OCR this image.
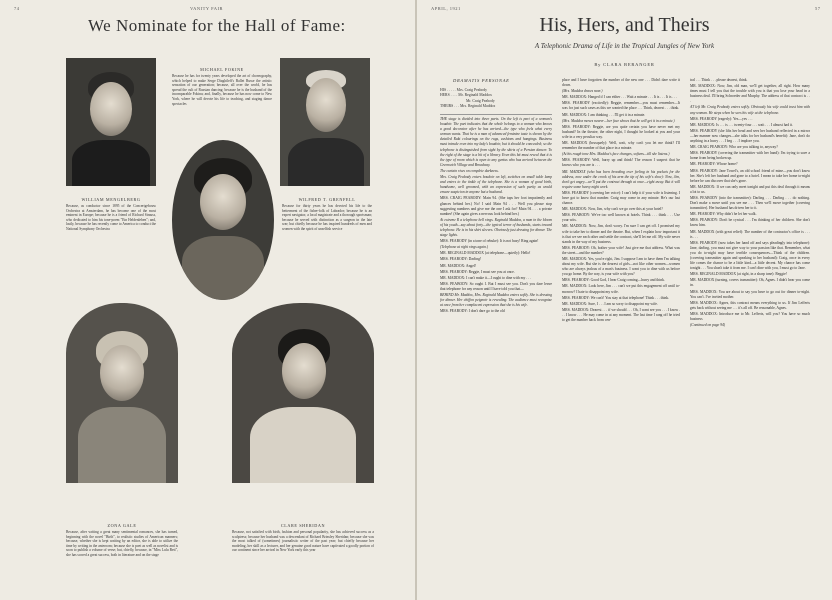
74	VANITY FAIR
We Nominate for the Hall of Fame:
MICHAEL FOKINE
Because he has for twenty years developed the art of choreography, which helped to make Serge Diaghileff's Ballet Russe the artistic sensation of our generation; because, all over the world, he has spread the cult of Russian dancing; because he is the husband of the incomparable Fokina; and, finally, because he has now come to New York, where he will devote his life to teaching, and staging dance spectacles
WILLIAM MENGELBERG
Because, as conductor since 1895 of the Concertgebouw Orchestra at Amsterdam, he has become one of the most eminent in Europe; because he is a friend of Richard Strauss, who dedicated to him his tone-poem "Ein Heldenleben"; and, lastly, because he has recently come to America to conduct the National Symphony Orchestra
WILFRED T. GRENFELL
Because for thirty years he has devoted his life to the betterment of the fisher-folk of Labrador; because he is an expert navigator, a local magistrate and a thorough sportsman; because he served with distinction as a surgeon in the late war; but chiefly because he has inspired hundreds of men and women with the spirit of unselfish service
ZONA GALE
Because, after writing a great many sentimental romances, she has turned, beginning with the novel "Birth", to realistic studies of American manners; because, whether she is kept waiting by an editor, she is able to utilize the time by writing in the anteroom; because she is poet as well as novelist and is soon to publish a volume of verse; but, chiefly, because, in "Miss Lulu Bett", she has scored a great success, both in literature and on the stage
CLARE SHERIDAN
Because, not satisfied with birth, fashion and personal popularity, she has achieved success as a sculptress; because her husband was a descendant of Richard Brinsley Sheridan; because she was the most talked of (sometimes) journalistic writer of the past year; but chiefly because her modeling, her skill as a lecturer, and her genuine good nature have captivated a goodly portion of our continent since her arrival in New York early this year
APRIL, 1921	57
His, Hers, and Theirs
A Telephonic Drama of Life in the Tropical Jungles of New York
By CLARA BERANGER
DRAMATIS PERSONAE
HIS . . . . . Mrs. Craig Peabody
HERS . . . . Mr. Reginald Maddox
Mr. Craig Peabody
THEIRS . . . Mrs. Reginald Maddox

THE stage is divided into three parts. On the left is part of a woman's boudoir. The part indicates that the whole belongs to a woman who knows a good decorator after he has arrived—the type who feels what every woman wants. That he is a man of advanced feminine taste is shown by the detailed Rakt colourings on the rugs, cushions and hangings. Business must intrude even into my lady's boudoir, but it should be concealed; so the telephone is distinguished from sight by the skirts of a Persian dancer. To the right of the stage is a bit of a library. Even this bit must reveal that it is the type of room which is open to any genius who has arrived between the Greenwich Village and Broadway.

The curtain rises on complete darkness.

Mrs. Craig Peabody enters boudoir on left, switches on small table lamp and enters to the tinkle of the telephone. She is a woman of good birth, handsome, well groomed, with an expression of such purity as would ensure suspicion in anyone but a husband.

MRS. CRAIG PEABODY: Main 94. (She taps her foot impatiently and glances behind her.) No! I said Main 94 . . . Well you please stop suggesting numbers and give me the one I ask for? Main 94 . . . a private number! (She again gives a nervous look behind her.)

At extreme R a telephone bell rings. Reginald Maddox, a man in the bloom of his youth—say about forty—the typical terror of husbands, starts toward telephone. He is in his shirt sleeves. Obviously just dressing for dinner. The stage lights.

MRS. PEABODY (in a tone of rebuke): It is not busy! Ring again!

(Telephone at right rings again.)

MR. REGINALD MADDOX (at telephone—quietly): Hello!

MRS. PEABODY: Darling!

MR. MADDOX: Angel!

MRS. PEABODY: Reggie, I must see you at once.

MR. MADDOX: I can't make it—I ought to dine with my . . .

MRS. PEABODY: So ought I. But I must see you. Don't you dare leave that telephone for any reason until I have told you that—

BEHIND Mr. Maddox, Mrs. Reginald Maddox enters softly. She is dressing for dinner. Her chiffon peignoir is revealing. The audience must recognize at once from her complacent expression that she is his wife.

MRS. PEABODY: I don't dare go to the old

place and I have forgotten the number of the new one . . . Didn't dare write it down.

(Mrs. Maddox draws near.)

MR. MADDOX: Hanged if I can either . . . Wait a minute . . . It is . . . It is . . .

MRS. PEABODY (excitedly): Reggie, remember—you must remember—It was for just such cases as this we wanted the place . . . Think, dearest . . . think.

MR. MADDOX: I am thinking . . . I'll get it in a minute.

(Mrs. Maddox moves nearer—her face shows that he will get it in a minute.)

MRS. PEABODY: Reggie, are you quite certain you have never met my husband? In the theatre, the other night, I thought he looked at you and your wife in a very peculiar way.

MR. MADDOX (brusquely): Well, wait, why can't you let me think? I'll remember the number of that place in a minute.

(At his rough tone Mrs. Maddox's face changes, softens—till she listens.)

MRS. PEABODY: Well, hurry up and think! The reason I suspect that he knows who you are is . . .

MR. MADDOX (who has been brooding over feeling in his pockets for the address, now under the crook of his arm the tip of his wife's shoe): Now, Jim, don't get angry—we'll put the contract through at once—right away. But it will require some heavy night work.

MRS. PEABODY (covering her voice): I can't help it if your wife is listening. I have got to know that number. Craig may come in any minute. He's our last chance.

MR. MADDOX: Now, Jim, why can't we go over this at your hotel?

MRS. PEABODY: We've too well known at hotels. Think . . . think . . . Use your wits.

MR. MADDOX: Now, Jim, don't worry. I'm sure I can get off. I promised my wife to take her to dinner and the theatre. But, when I explain how important it is that we see each other and settle the contract, she'll let me off. My wife never stands in the way of my business.

MRS. PEABODY: Oh, bother your wife! Just give me that address. What was the street—and the number?

MR. MADDOX: Yes, you're right, Jim. I suppose I am to have them I'm talking about my wife. But she is the dearest of girls—not like other women—women who are always jealous of a man's business. I want you to dine with us before you go home. By the way, is your wife with you?

MRS. PEABODY: Good God, I hear Craig coming—hurry and think.

MR. MADDOX: Look here, Jim . . . can't we put this engagement off until to-morrow? I hate to disappoint my wife.

MRS. PEABODY: We can't! You stay at that telephone! Think . . . think.

MR. MADDOX: Sure, I . . . I am so sorry to disappoint my wife.

MRS. MADDOX: Dearest . . . if we should . . . Oh, I want see you . . . I know . . . I know . . . He may come in at any moment. The last time I rang off he tried to get the number back from cen-

tral . . . Think . . . please dearest, think.

MR. MADDOX: Now, Jim, old man, we'll get together, all right. How many times must I tell you that the trouble with you is that you lose your head in a business deal. I'll bring Schroeder and Murphy. The address of that contract is . . .

AT left Mr. Craig Peabody enters softly. Obviously his wife could trust him with any woman. He steps when he sees his wife at the telephone.

MRS. PEABODY (eagerly): Yes—yes . . .

MR. MADDOX: Is . . . is . . . twenty-four . . . wait . . . I almost had it.

MRS. PEABODY (she lifts her head and sees her husband reflected in a mirror—her manner now changes—she talks for her husband's benefit): Jane, don't do anything in a hurry . . . I beg . . . I implore you.

MR. CRAIG PEABODY: Who are you talking to, anyway?

MRS. PEABODY (covering the transmitter with her hand): I'm trying to save a home from being broken up.

MR. PEABODY: Whose home?

MRS. PEABODY: Jane Towel's, an old school friend of mine—you don't know her. She's left her husband and gone to a hotel. I mean to take her home to-night before he can discover that she's gone.

MR. MADDOX: If we can only meet tonight and put this deal through it means a lot to us.

MRS. PEABODY (into the transmitter): Darling . . . Darling . . . do nothing. Don't make a move until you see me . . . Then we'll move together (covering transmitter). Her husband has driven her to it.

MR. PEABODY: Why didn't he let her walk.

MRS. PEABODY: Don't be cynical . . . I'm thinking of her children. She don't know him.

MR. MADDOX (with great relief): The number of the contractor's office is . . . is . . .

MRS. PEABODY (now takes her hand off and says pleadingly into telephone): Jane, darling, you must not give way to your passion like that. Remember, what you do to-night may have terrible consequences—Think of the children. (covering transmitter again and speaking to her husband): Craig, once in every life comes the chance to be a little kind—a little decent. My chance has come tonight . . . You shan't take it from me. I can't dine with you, I must go to Jane.

MRS. REGINALD MADDOX (at right, in a sharp tone): Reggie!

MR. MADDOX (turning, covers transmitter): Oh, Agnes. I didn't hear you come in.

MRS. MADDOX: You are about to say you have to go out for dinner to-night. You can't. I've invited mother.

MRS. MADDOX: Agnes, this contract means everything to us. If Jim Lefferts gets back without seeing me . . . it's all off. Be reasonable, Agnes.

MRS. MADDOX: Introduce me to Mr. Lefferts, will you? You have so much business

(Continued on page 94)
